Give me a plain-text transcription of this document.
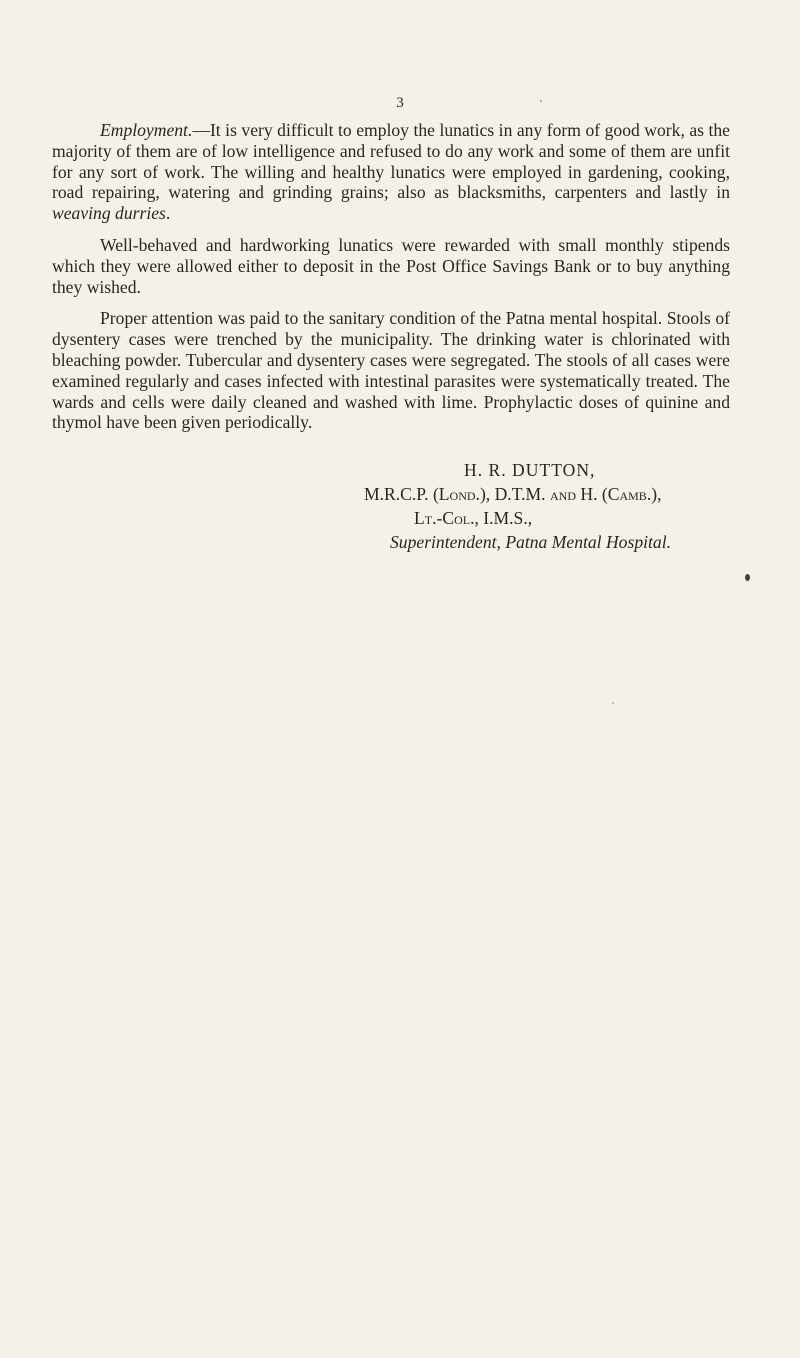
3

Employment.—It is very difficult to employ the lunatics in any form of good work, as the majority of them are of low intelligence and refused to do any work and some of them are unfit for any sort of work. The willing and healthy lunatics were employed in gardening, cooking, road repairing, watering and grinding grains; also as blacksmiths, carpenters and lastly in weaving durries.

Well-behaved and hardworking lunatics were rewarded with small monthly stipends which they were allowed either to deposit in the Post Office Savings Bank or to buy anything they wished.

Proper attention was paid to the sanitary condition of the Patna mental hospital. Stools of dysentery cases were trenched by the municipality. The drinking water is chlorinated with bleaching powder. Tubercular and dysentery cases were segregated. The stools of all cases were examined regularly and cases infected with intestinal parasites were systematically treated. The wards and cells were daily cleaned and washed with lime. Prophylactic doses of quinine and thymol have been given periodically.

H. R. DUTTON,
M.R.C.P. (Lond.), D.T.M. and H. (Camb.),
Lt.-Col., I.M.S.,
Superintendent, Patna Mental Hospital.
